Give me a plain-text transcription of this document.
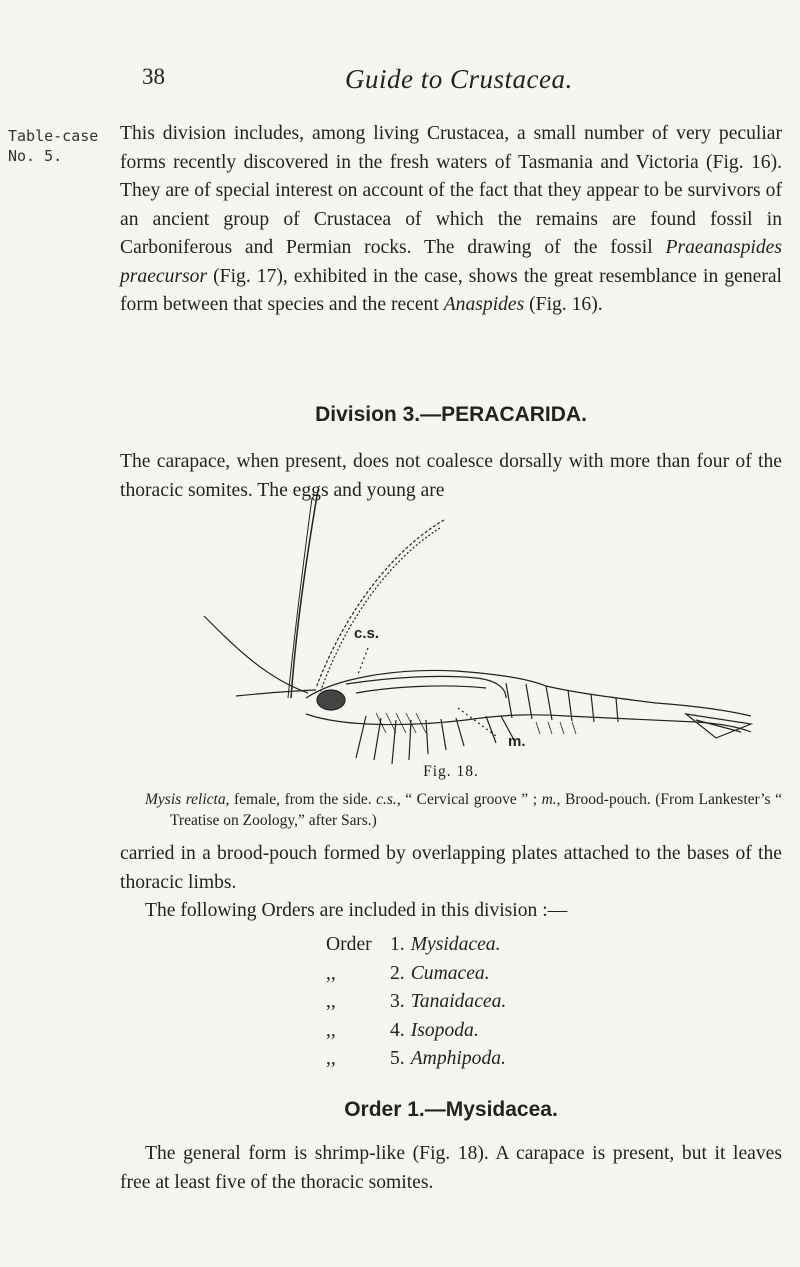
38	Guide to Crustacea.
Table-case
No. 5.
This division includes, among living Crustacea, a small number of very peculiar forms recently discovered in the fresh waters of Tasmania and Victoria (Fig. 16). They are of special interest on account of the fact that they appear to be survivors of an ancient group of Crustacea of which the remains are found fossil in Carboniferous and Permian rocks. The drawing of the fossil Praeanaspides praecursor (Fig. 17), exhibited in the case, shows the great resemblance in general form between that species and the recent Anaspides (Fig. 16).
Division 3.—PERACARIDA.
The carapace, when present, does not coalesce dorsally with more than four of the thoracic somites. The eggs and young are
c.s.
m.
Fig. 18.
Mysis relicta, female, from the side. c.s., “ Cervical groove ” ; m., Brood-pouch. (From Lankester’s “ Treatise on Zoology,” after Sars.)
carried in a brood-pouch formed by overlapping plates attached to the bases of the thoracic limbs.
The following Orders are included in this division :—
Order 1. Mysidacea.
,,	2. Cumacea.
,,	3. Tanaidacea.
,,	4. Isopoda.
,,	5. Amphipoda.
Order 1.—Mysidacea.
The general form is shrimp-like (Fig. 18). A carapace is present, but it leaves free at least five of the thoracic somites.
